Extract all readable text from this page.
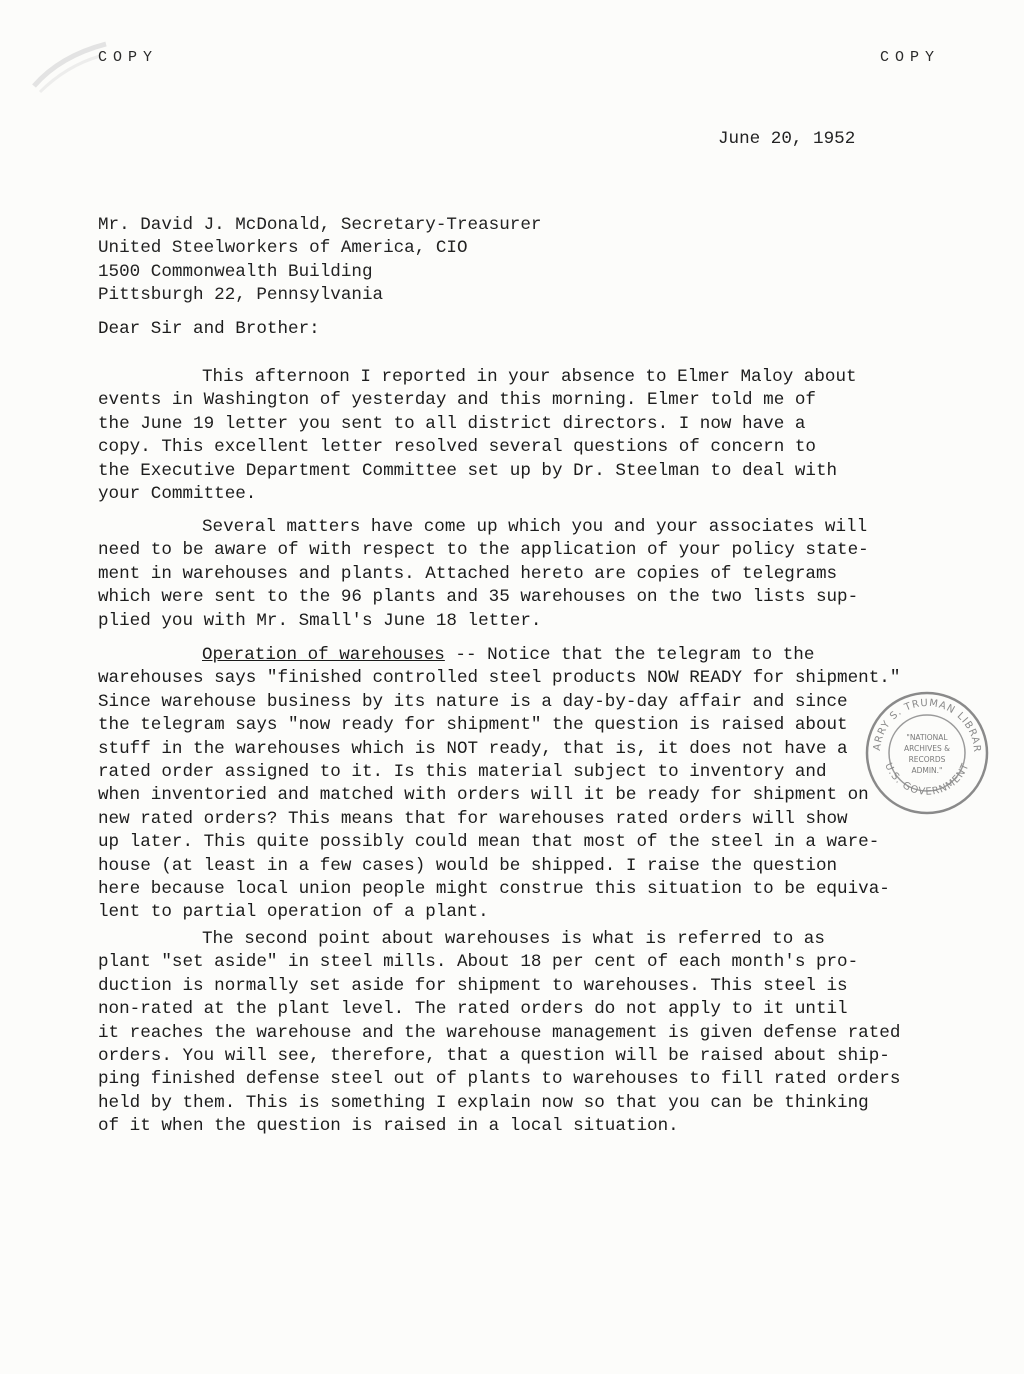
COPY	COPY
June 20, 1952
Mr. David J. McDonald, Secretary-Treasurer
United Steelworkers of America, CIO
1500 Commonwealth Building
Pittsburgh 22, Pennsylvania
Dear Sir and Brother:
This afternoon I reported in your absence to Elmer Maloy about
events in Washington of yesterday and this morning. Elmer told me of
the June 19 letter you sent to all district directors. I now have a
copy. This excellent letter resolved several questions of concern to
the Executive Department Committee set up by Dr. Steelman to deal with
your Committee.
Several matters have come up which you and your associates will
need to be aware of with respect to the application of your policy state-
ment in warehouses and plants. Attached hereto are copies of telegrams
which were sent to the 96 plants and 35 warehouses on the two lists sup-
plied you with Mr. Small's June 18 letter.
Operation of warehouses -- Notice that the telegram to the
warehouses says "finished controlled steel products NOW READY for shipment."
Since warehouse business by its nature is a day-by-day affair and since
the telegram says "now ready for shipment" the question is raised about
stuff in the warehouses which is NOT ready, that is, it does not have a
rated order assigned to it. Is this material subject to inventory and
when inventoried and matched with orders will it be ready for shipment on
new rated orders? This means that for warehouses rated orders will show
up later. This quite possibly could mean that most of the steel in a ware-
house (at least in a few cases) would be shipped. I raise the question
here because local union people might construe this situation to be equiva-
lent to partial operation of a plant.
The second point about warehouses is what is referred to as
plant "set aside" in steel mills. About 18 per cent of each month's pro-
duction is normally set aside for shipment to warehouses. This steel is
non-rated at the plant level. The rated orders do not apply to it until
it reaches the warehouse and the warehouse management is given defense rated
orders. You will see, therefore, that a question will be raised about ship-
ping finished defense steel out of plants to warehouses to fill rated orders
held by them. This is something I explain now so that you can be thinking
of it when the question is raised in a local situation.
ARRY S. TRUMAN LIBRAR
U.S. GOVERNMENT
"NATIONAL
ARCHIVES &
RECORDS
ADMIN."
